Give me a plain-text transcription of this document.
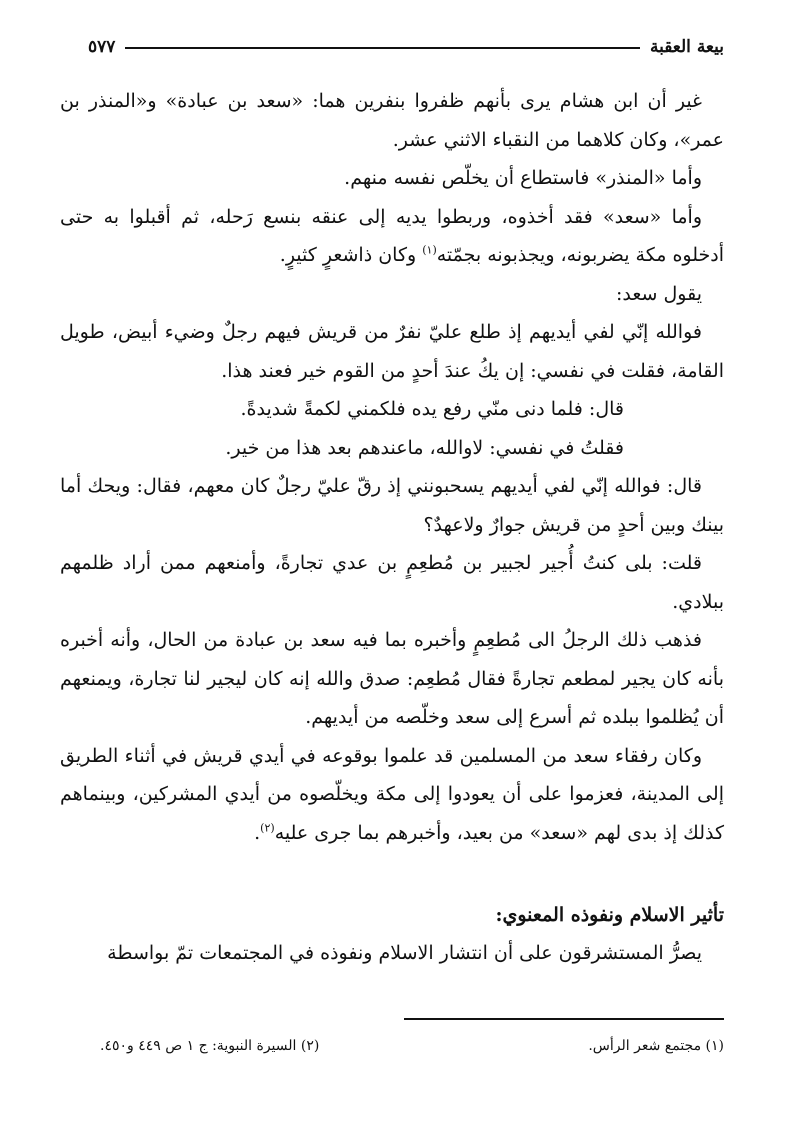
بيعة العقبة
٥٧٧

غير أن ابن هشام يرى بأنهم ظفروا بنفرين هما: «سعد بن عبادة» و«المنذر بن عمر»، وكان كلاهما من النقباء الاثني عشر.

وأما «المنذر» فاستطاع أن يخلّص نفسه منهم.

وأما «سعد» فقد أخذوه، وربطوا يديه إلى عنقه بنسع رَحله، ثم أقبلوا به حتى أدخلوه مكة يضربونه، ويجذبونه بجمّته$^{(١)}$ وكان ذاشعرٍ كثيرٍ.

يقول سعد:

فوالله إنّي لفي أيديهم إذ طلع عليّ نفرٌ من قريش فيهم رجلٌ وضيء أبيض، طويل القامة، فقلت في نفسي: إن يكُ عندَ أحدٍ من القوم خير فعند هذا.

قال: فلما دنى منّي رفع يده فلكمني لكمةً شديدةً.

فقلتُ في نفسي: لاوالله، ماعندهم بعد هذا من خير.

قال: فوالله إنّي لفي أيديهم يسحبونني إذ رقّ عليّ رجلٌ كان معهم، فقال: ويحك أما بينك وبين أحدٍ من قريش جوارٌ ولاعهدٌ؟

قلت: بلى كنتُ أُجير لجبير بن مُطعِمٍ بن عدي تجارةً، وأمنعهم ممن أراد ظلمهم ببلادي.

فذهب ذلك الرجلُ الى مُطعِمٍ وأخبره بما فيه سعد بن عبادة من الحال، وأنه أخبره بأنه كان يجير لمطعم تجارةً فقال مُطعِم: صدق والله إنه كان ليجير لنا تجارة، ويمنعهم أن يُظلموا ببلده ثم أسرع إلى سعد وخلّصه من أيديهم.

وكان رفقاء سعد من المسلمين قد علموا بوقوعه في أيدي قريش في أثناء الطريق إلى المدينة، فعزموا على أن يعودوا إلى مكة ويخلّصوه من أيدي المشركين، وبينماهم كذلك إذ بدى لهم «سعد» من بعيد، وأخبرهم بما جرى عليه$^{(٢)}$.

تأثير الاسلام ونفوذه المعنوي:

يصرُّ المستشرقون على أن انتشار الاسلام ونفوذه في المجتمعات تمّ بواسطة

(١) مجتمع شعر الرأس.
(٢) السيرة النبوية: ج ١ ص ٤٤٩ و٤٥٠.
